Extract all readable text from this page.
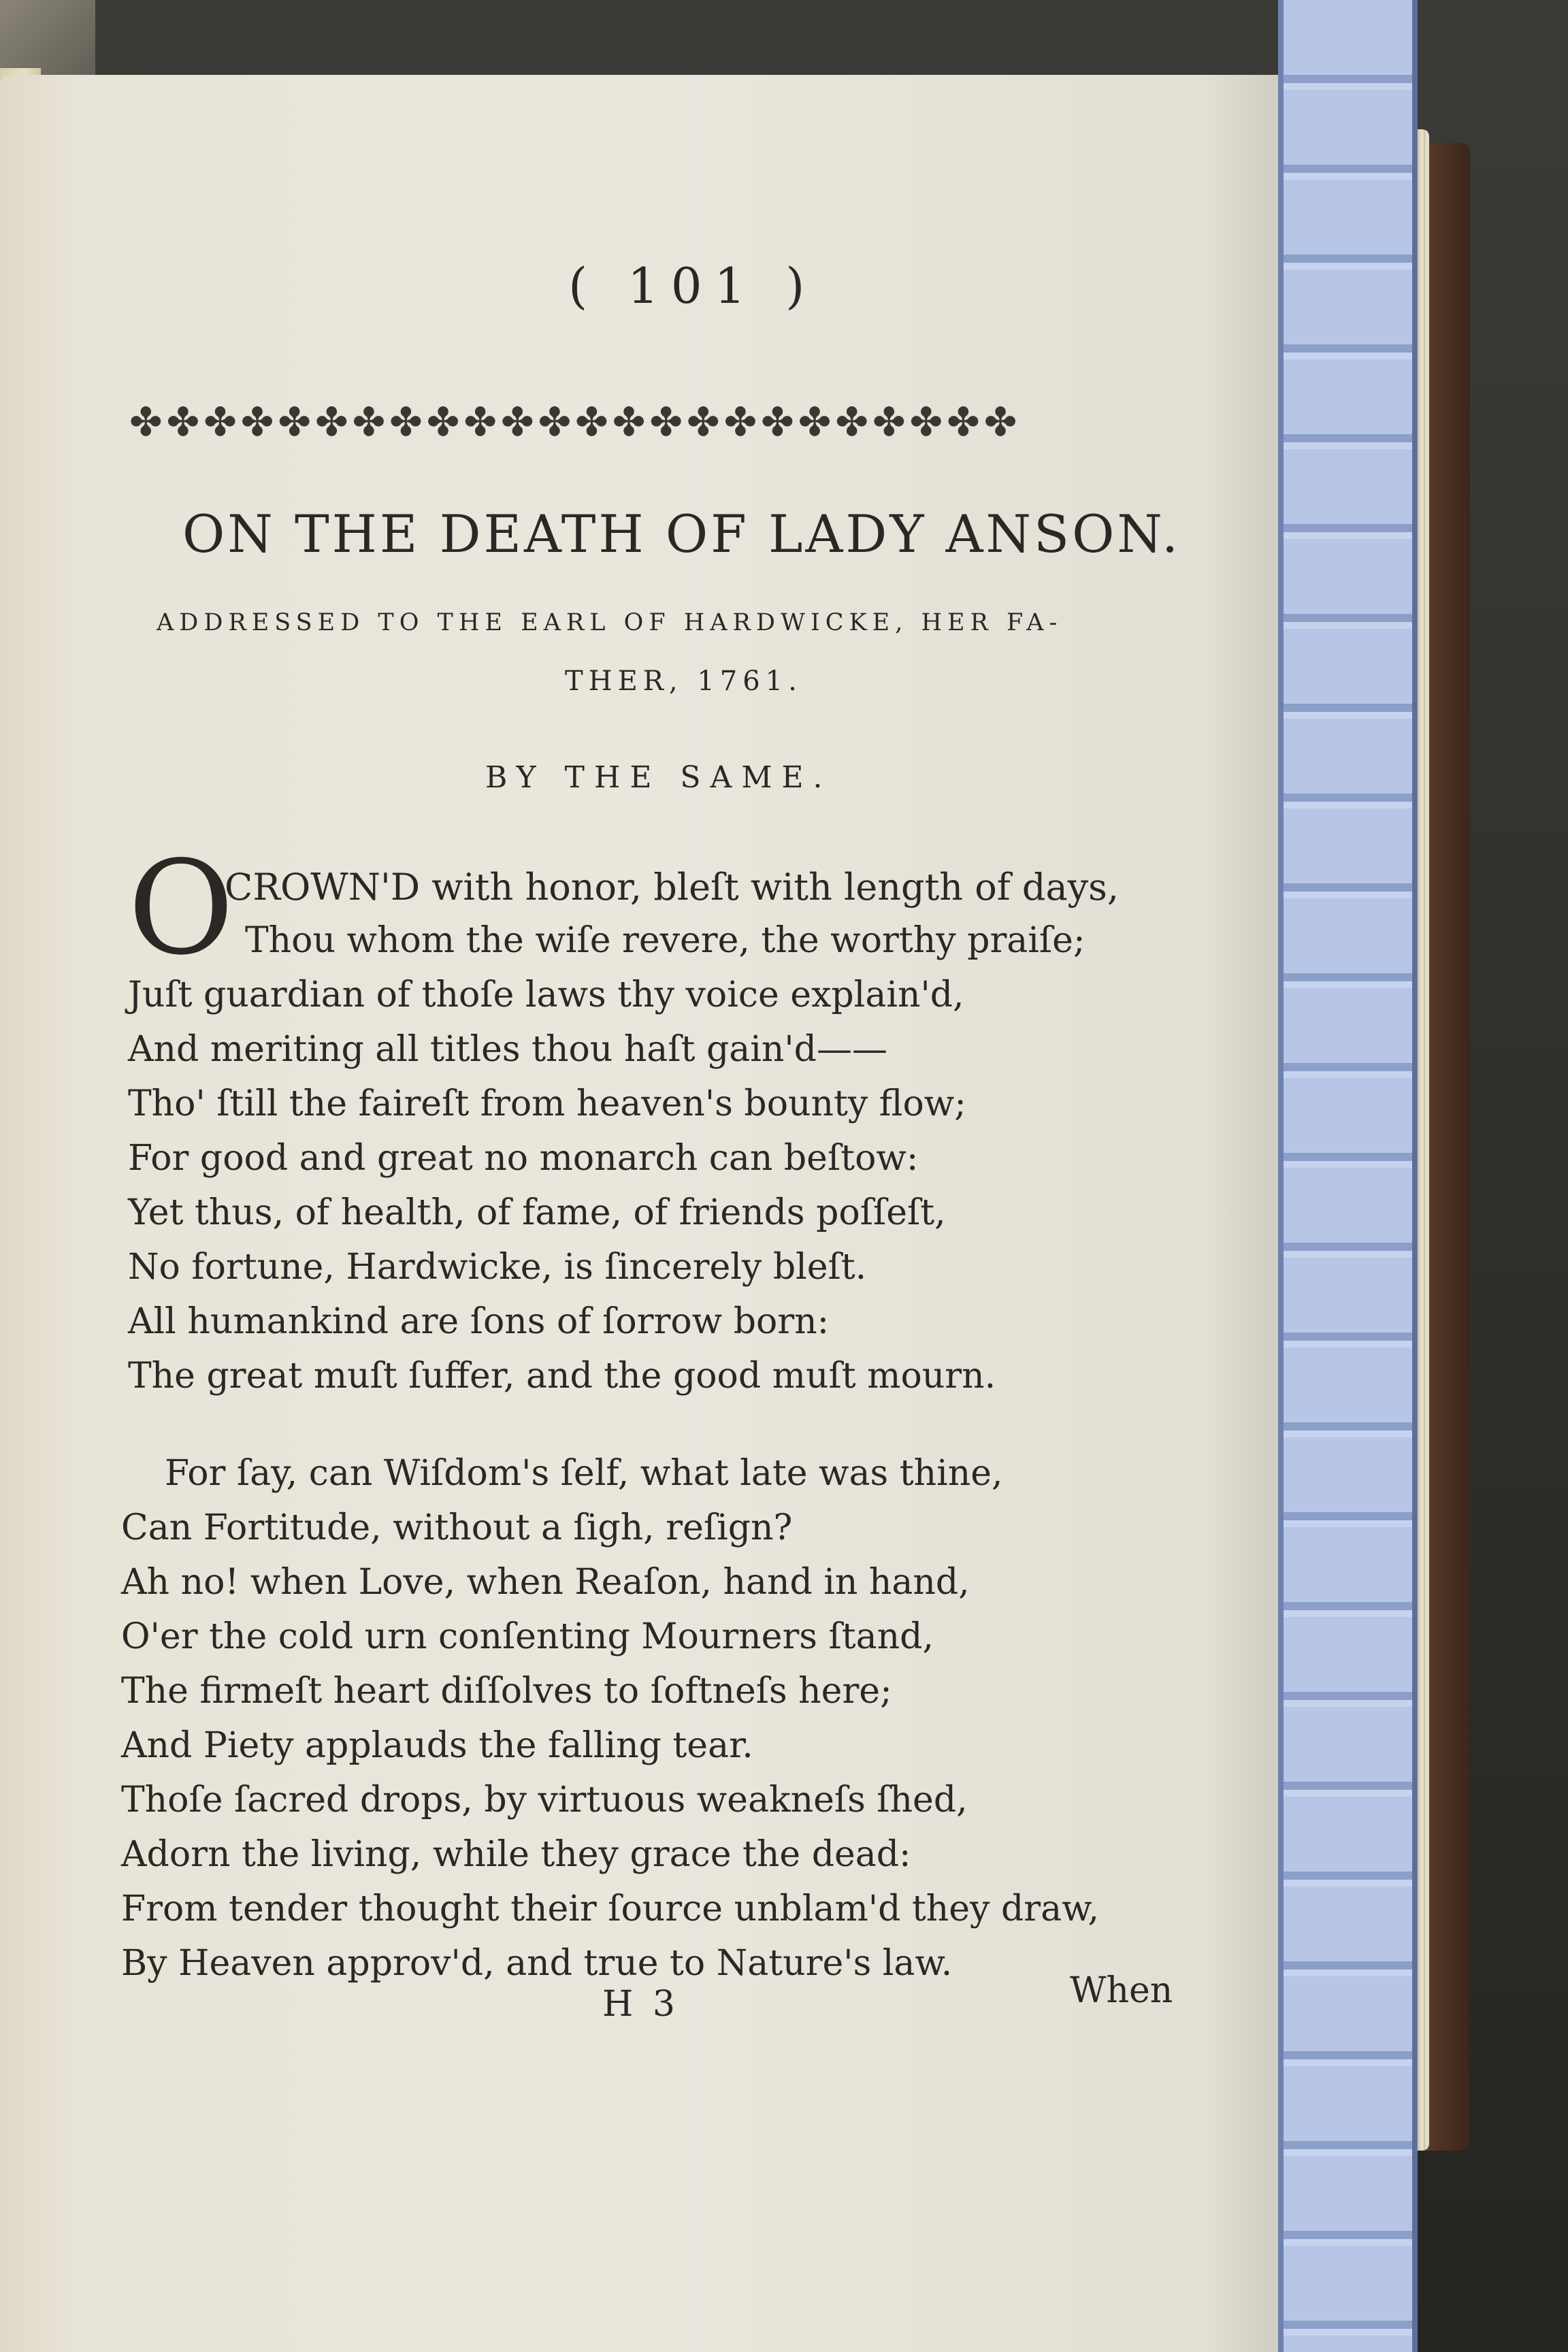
( 101 )
✤✤✤✤✤✤✤✤✤✤✤✤✤✤✤✤✤✤✤✤✤✤✤✤
ON THE DEATH OF LADY ANSON.
ADDRESSED TO THE EARL OF HARDWICKE, HER FA-
THER, 1761.
BY THE SAME.
O
CROWN'D with honor, bleſt with length of days,
Thou whom the wiſe revere, the worthy praiſe;
Juſt guardian of thoſe laws thy voice explain'd,
And meriting all titles thou haſt gain'd——
Tho' ſtill the faireſt from heaven's bounty flow;
For good and great no monarch can beſtow:
Yet thus, of health, of fame, of friends poſſeſt,
No fortune, Hardwicke, is ſincerely bleſt.
All humankind are ſons of ſorrow born:
The great muſt ſuffer, and the good muſt mourn.
For ſay, can Wiſdom's ſelf, what late was thine,
Can Fortitude, without a ſigh, reſign?
Ah no! when Love, when Reaſon, hand in hand,
O'er the cold urn conſenting Mourners ſtand,
The firmeſt heart diſſolves to ſoftneſs here;
And Piety applauds the falling tear.
Thoſe ſacred drops, by virtuous weakneſs ſhed,
Adorn the living, while they grace the dead:
From tender thought their ſource unblam'd they draw,
By Heaven approv'd, and true to Nature's law.
H 3	When
